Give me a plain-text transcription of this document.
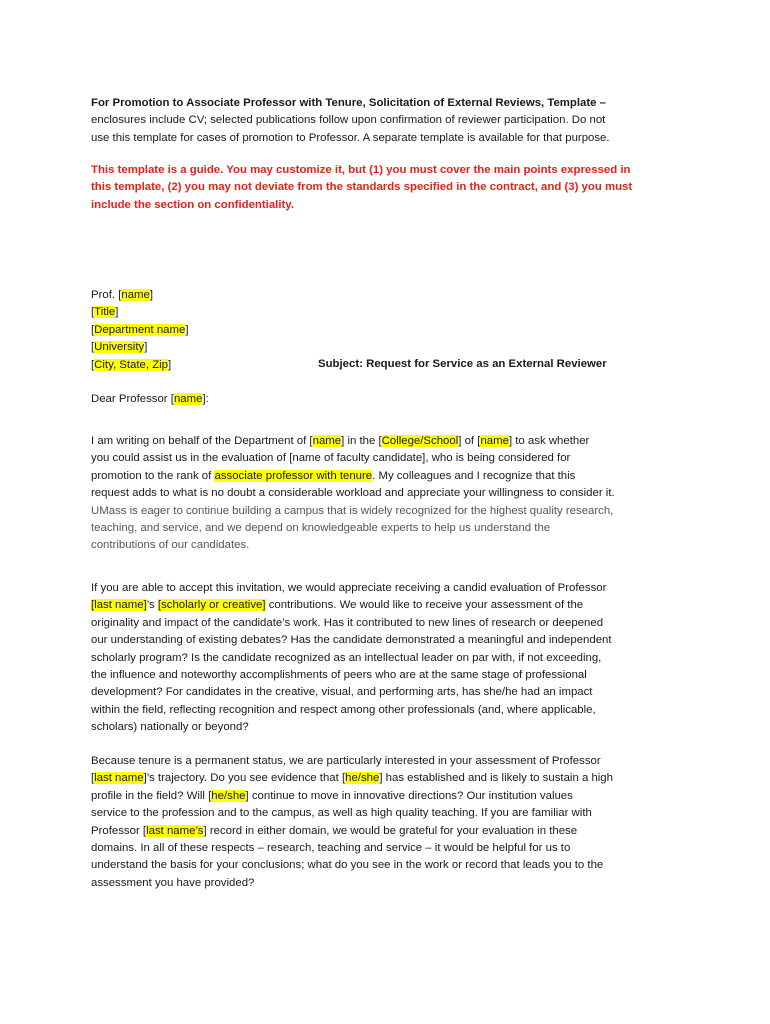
For Promotion to Associate Professor with Tenure, Solicitation of External Reviews, Template –
enclosures include CV; selected publications follow upon confirmation of reviewer participation. Do not
use this template for cases of promotion to Professor. A separate template is available for that purpose.
This template is a guide. You may customize it, but (1) you must cover the main points expressed in
this template, (2) you may not deviate from the standards specified in the contract, and (3) you must
include the section on confidentiality.
Prof. [name]
[Title]
[Department name]
[University]
[City, State, Zip]	Subject: Request for Service as an External Reviewer
Dear Professor [name]:
I am writing on behalf of the Department of [name] in the [College/School] of [name] to ask whether
you could assist us in the evaluation of [name of faculty candidate], who is being considered for
promotion to the rank of associate professor with tenure. My colleagues and I recognize that this
request adds to what is no doubt a considerable workload and appreciate your willingness to consider it.
UMass is eager to continue building a campus that is widely recognized for the highest quality research,
teaching, and service, and we depend on knowledgeable experts to help us understand the
contributions of our candidates.
If you are able to accept this invitation, we would appreciate receiving a candid evaluation of Professor
[last name]’s [scholarly or creative] contributions. We would like to receive your assessment of the
originality and impact of the candidate’s work. Has it contributed to new lines of research or deepened
our understanding of existing debates? Has the candidate demonstrated a meaningful and independent
scholarly program? Is the candidate recognized as an intellectual leader on par with, if not exceeding,
the influence and noteworthy accomplishments of peers who are at the same stage of professional
development? For candidates in the creative, visual, and performing arts, has she/he had an impact
within the field, reflecting recognition and respect among other professionals (and, where applicable,
scholars) nationally or beyond?
Because tenure is a permanent status, we are particularly interested in your assessment of Professor
[last name]’s trajectory. Do you see evidence that [he/she] has established and is likely to sustain a high
profile in the field? Will [he/she] continue to move in innovative directions? Our institution values
service to the profession and to the campus, as well as high quality teaching. If you are familiar with
Professor [last name’s] record in either domain, we would be grateful for your evaluation in these
domains. In all of these respects – research, teaching and service – it would be helpful for us to
understand the basis for your conclusions; what do you see in the work or record that leads you to the
assessment you have provided?
